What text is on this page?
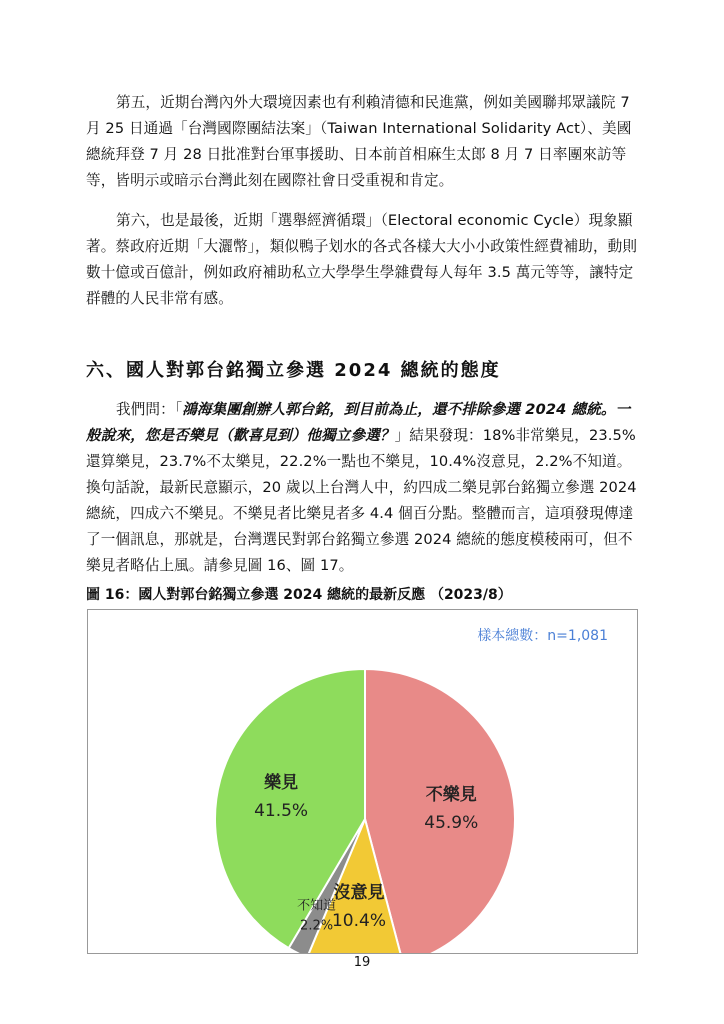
第五，近期台灣內外大環境因素也有利賴清德和民進黨，例如美國聯邦眾議院 7 月 25 日通過「台灣國際團結法案」（Taiwan International Solidarity Act）、美國總統拜登 7 月 28 日批准對台軍事援助、日本前首相麻生太郎 8 月 7 日率團來訪等等，皆明示或暗示台灣此刻在國際社會日受重視和肯定。

第六，也是最後，近期「選舉經濟循環」（Electoral economic Cycle）現象顯著。蔡政府近期「大灑幣」，類似鴨子划水的各式各樣大大小小政策性經費補助，動則數十億或百億計，例如政府補助私立大學學生學雜費每人每年 3.5 萬元等等，讓特定群體的人民非常有感。

六、國人對郭台銘獨立參選 2024 總統的態度

我們問：「鴻海集團創辦人郭台銘，到目前為止，還不排除參選 2024 總統。一般說來，您是否樂見（歡喜見到）他獨立參選？」結果發現：18%非常樂見，23.5%還算樂見，23.7%不太樂見，22.2%一點也不樂見，10.4%沒意見，2.2%不知道。換句話說，最新民意顯示，20 歲以上台灣人中，約四成二樂見郭台銘獨立參選 2024 總統，四成六不樂見。不樂見者比樂見者多 4.4 個百分點。整體而言，這項發現傳達了一個訊息，那就是，台灣選民對郭台銘獨立參選 2024 總統的態度模稜兩可，但不樂見者略佔上風。請參見圖 16、圖 17。

圖 16：國人對郭台銘獨立參選 2024 總統的最新反應 （2023/8）

不樂見
45.9%
沒意見
10.4%
不知道
2.2%
樂見
41.5%
樣本總數：n=1,081

19
